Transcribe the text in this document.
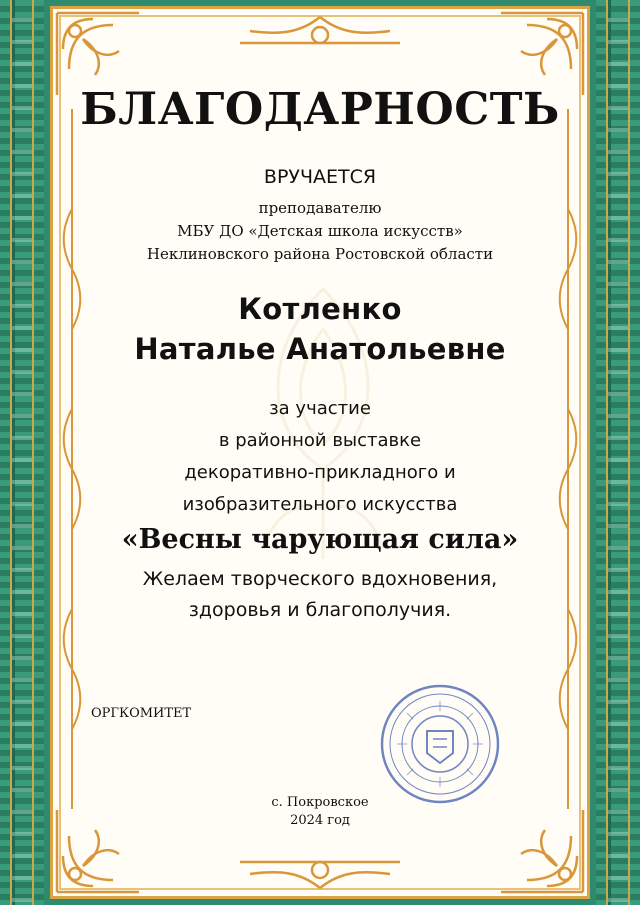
БЛАГОДАРНОСТЬ
ВРУЧАЕТСЯ
преподавателю
МБУ ДО «Детская школа искусств»
Неклиновского района Ростовской области
Котленко
Наталье Анатольевне
за участие
в районной выставке
декоративно-прикладного и
изобразительного искусства
«Весны чарующая сила»
Желаем творческого вдохновения,
здоровья и благополучия.
ОРГКОМИТЕТ
с. Покровское
2024 год
